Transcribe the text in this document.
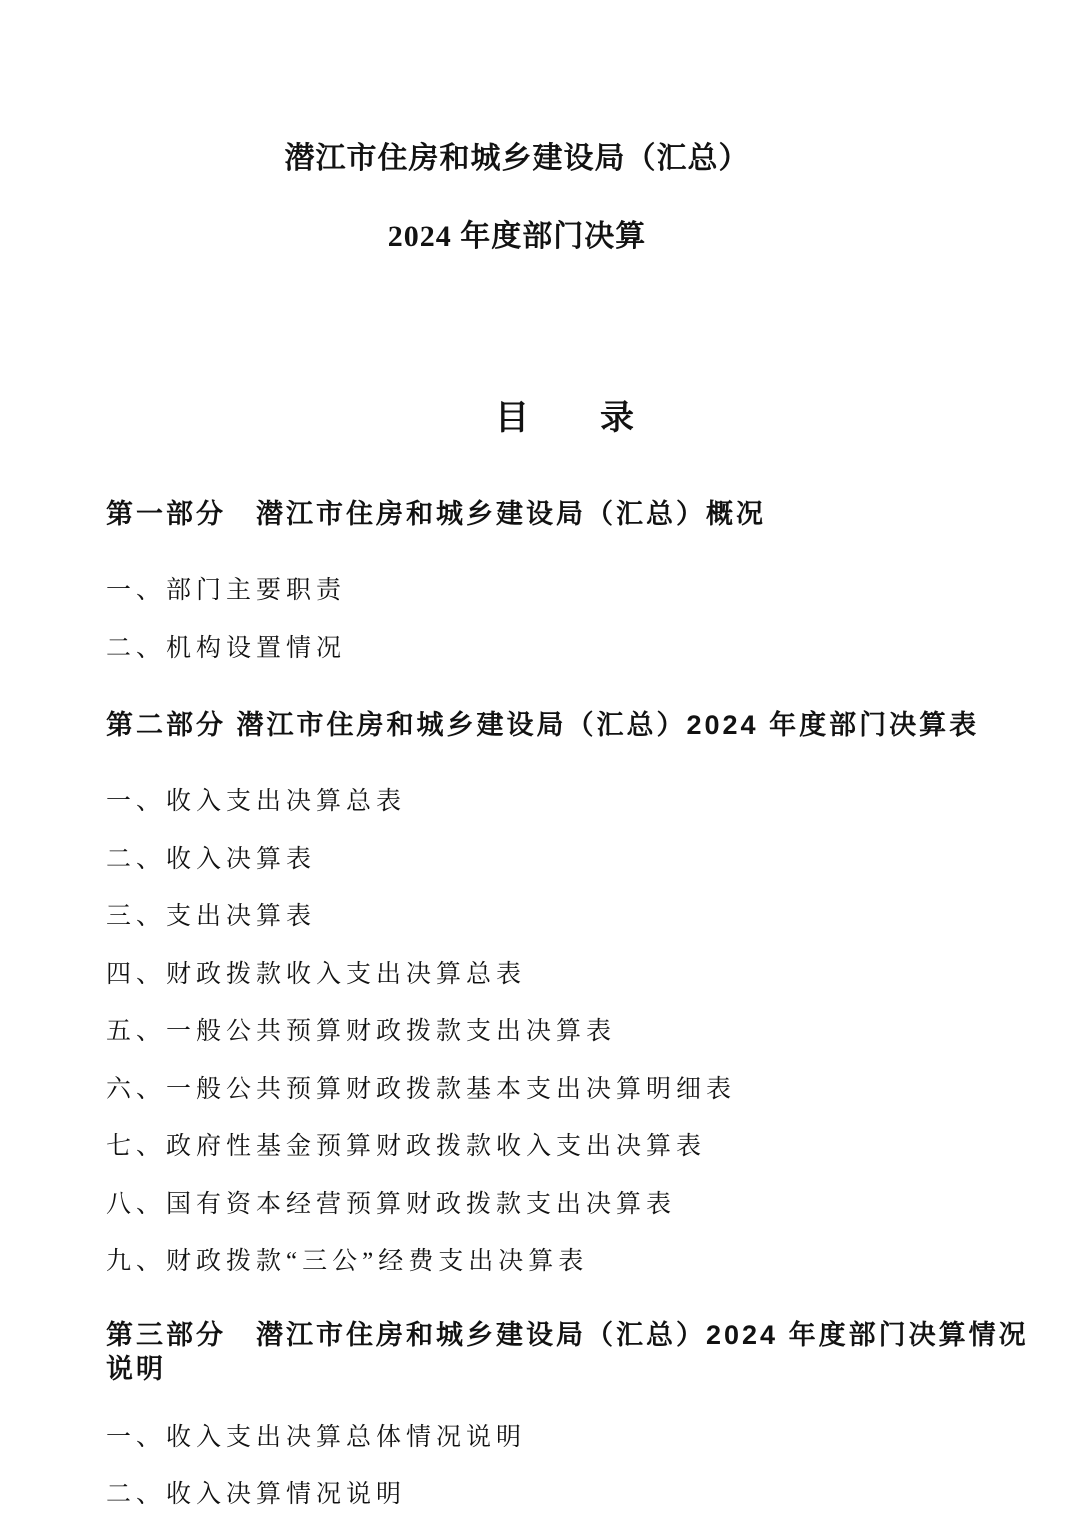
潜江市住房和城乡建设局（汇总）
2024 年度部门决算
目　　录
第一部分　潜江市住房和城乡建设局（汇总）概况
一、部门主要职责
二、机构设置情况
第二部分 潜江市住房和城乡建设局（汇总）2024 年度部门决算表
一、收入支出决算总表
二、收入决算表
三、支出决算表
四、财政拨款收入支出决算总表
五、一般公共预算财政拨款支出决算表
六、一般公共预算财政拨款基本支出决算明细表
七、政府性基金预算财政拨款收入支出决算表
八、国有资本经营预算财政拨款支出决算表
九、财政拨款“三公”经费支出决算表
第三部分　潜江市住房和城乡建设局（汇总）2024 年度部门决算情况说明
一、收入支出决算总体情况说明
二、收入决算情况说明
